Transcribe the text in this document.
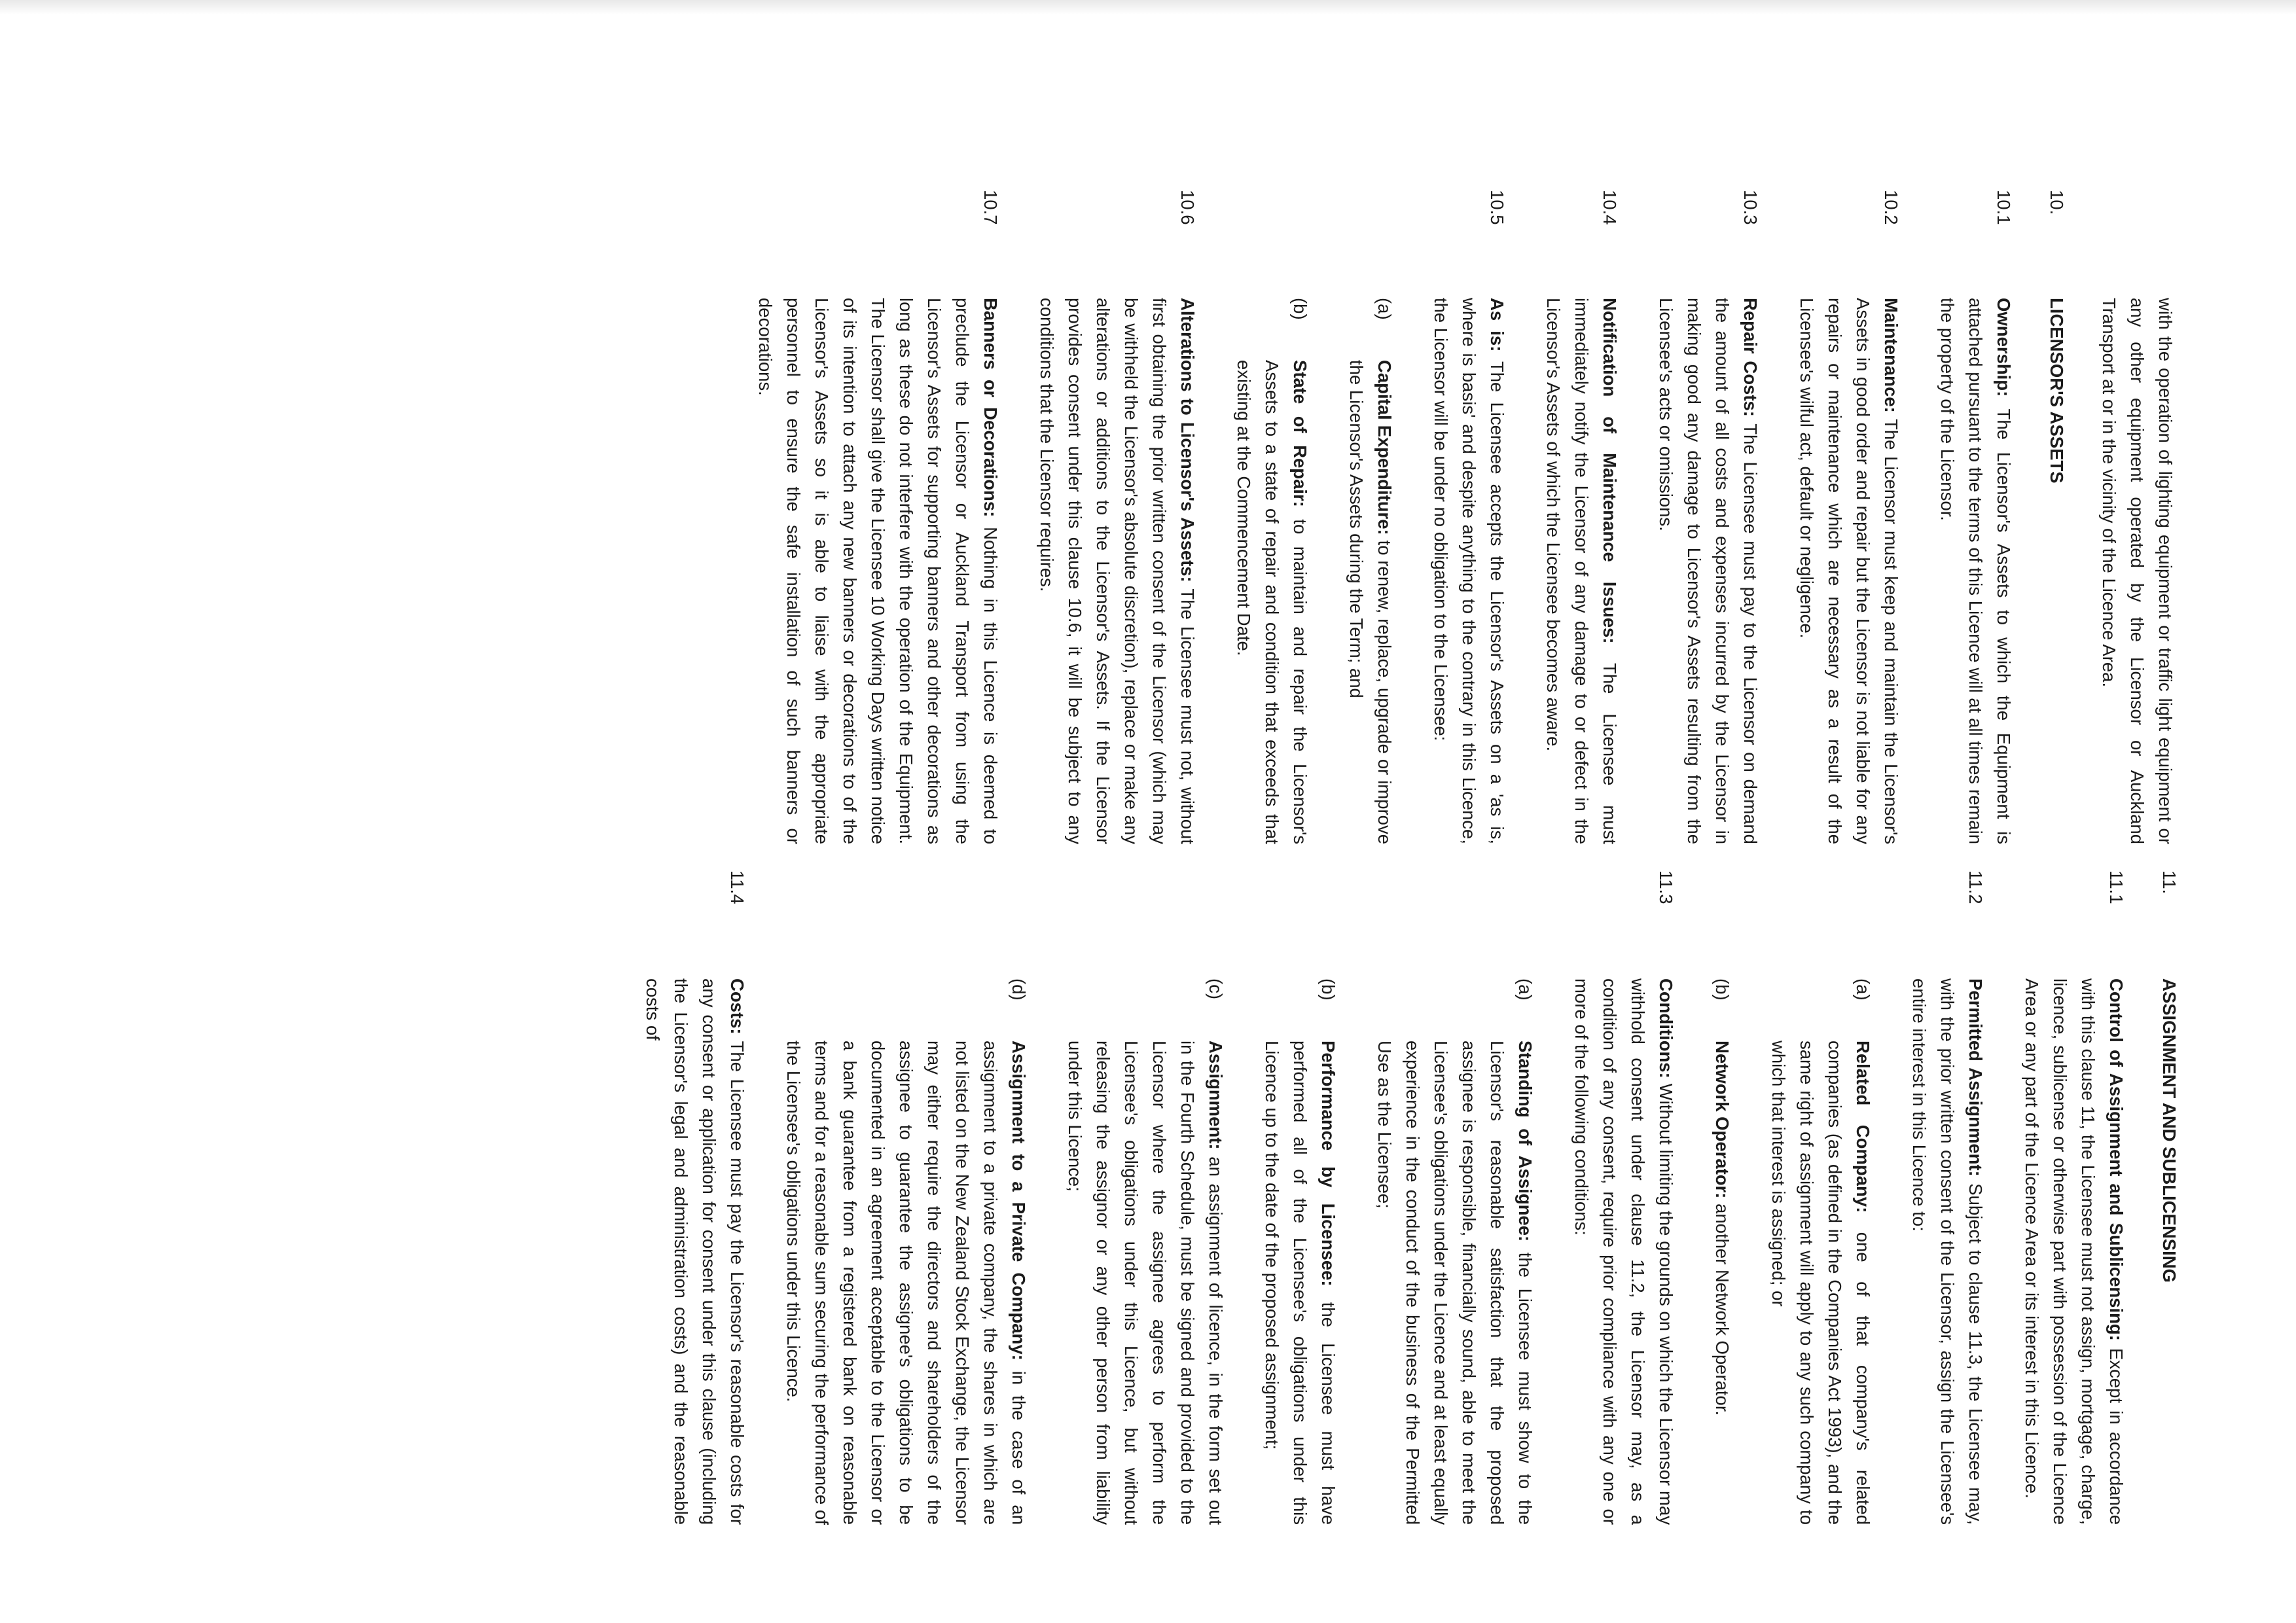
with the operation of lighting equipment or traffic light equipment or any other equipment operated by the Licensor or Auckland Transport at or in the vicinity of the Licence Area.

10.
LICENSOR'S ASSETS

10.1
Ownership: The Licensor's Assets to which the Equipment is attached pursuant to the terms of this Licence will at all times remain the property of the Licensor.

10.2
Maintenance: The Licensor must keep and maintain the Licensor's Assets in good order and repair but the Licensor is not liable for any repairs or maintenance which are necessary as a result of the Licensee's wilful act, default or negligence.

10.3
Repair Costs: The Licensee must pay to the Licensor on demand the amount of all costs and expenses incurred by the Licensor in making good any damage to Licensor's Assets resulting from the Licensee's acts or omissions.

10.4
Notification of Maintenance Issues: The Licensee must immediately notify the Licensor of any damage to or defect in the Licensor's Assets of which the Licensee becomes aware.

10.5
As is: The Licensee accepts the Licensor's Assets on a 'as is, where is basis' and despite anything to the contrary in this Licence, the Licensor will be under no obligation to the Licensee:

(a)
Capital Expenditure: to renew, replace, upgrade or improve the Licensor's Assets during the Term; and

(b)
State of Repair: to maintain and repair the Licensor's Assets to a state of repair and condition that exceeds that existing at the Commencement Date.

10.6
Alterations to Licensor's Assets: The Licensee must not, without first obtaining the prior written consent of the Licensor (which may be withheld the Licensor's absolute discretion), replace or make any alterations or additions to the Licensor's Assets. If the Licensor provides consent under this clause 10.6, it will be subject to any conditions that the Licensor requires.

10.7
Banners or Decorations: Nothing in this Licence is deemed to preclude the Licensor or Auckland Transport from using the Licensor's Assets for supporting banners and other decorations as long as these do not interfere with the operation of the Equipment. The Licensor shall give the Licensee 10 Working Days written notice of its intention to attach any new banners or decorations to of the Licensor's Assets so it is able to liaise with the appropriate personnel to ensure the safe installation of such banners or decorations.

11.
ASSIGNMENT AND SUBLICENSING

11.1
Control of Assignment and Sublicensing: Except in accordance with this clause 11, the Licensee must not assign, mortgage, charge, licence, sublicense or otherwise part with possession of the Licence Area or any part of the Licence Area or its interest in this Licence.

11.2
Permitted Assignment: Subject to clause 11.3, the Licensee may, with the prior written consent of the Licensor, assign the Licensee's entire interest in this Licence to:

(a)
Related Company: one of that company's related companies (as defined in the Companies Act 1993), and the same right of assignment will apply to any such company to which that interest is assigned; or

(b)
Network Operator: another Network Operator.

11.3
Conditions: Without limiting the grounds on which the Licensor may withhold consent under clause 11.2, the Licensor may, as a condition of any consent, require prior compliance with any one or more of the following conditions:

(a)
Standing of Assignee: the Licensee must show to the Licensor's reasonable satisfaction that the proposed assignee is responsible, financially sound, able to meet the Licensee's obligations under the Licence and at least equally experience in the conduct of the business of the Permitted Use as the Licensee;

(b)
Performance by Licensee: the Licensee must have performed all of the Licensee's obligations under this Licence up to the date of the proposed assignment;

(c)
Assignment: an assignment of licence, in the form set out in the Fourth Schedule, must be signed and provided to the Licensor where the assignee agrees to perform the Licensee's obligations under this Licence, but without releasing the assignor or any other person from liability under this Licence;

(d)
Assignment to a Private Company: in the case of an assignment to a private company, the shares in which are not listed on the New Zealand Stock Exchange, the Licensor may either require the directors and shareholders of the assignee to guarantee the assignee's obligations to be documented in an agreement acceptable to the Licensor or a bank guarantee from a registered bank on reasonable terms and for a reasonable sum securing the performance of the Licensee's obligations under this Licence.

11.4
Costs: The Licensee must pay the Licensor's reasonable costs for any consent or application for consent under this clause (including the Licensor's legal and administration costs) and the reasonable costs of
